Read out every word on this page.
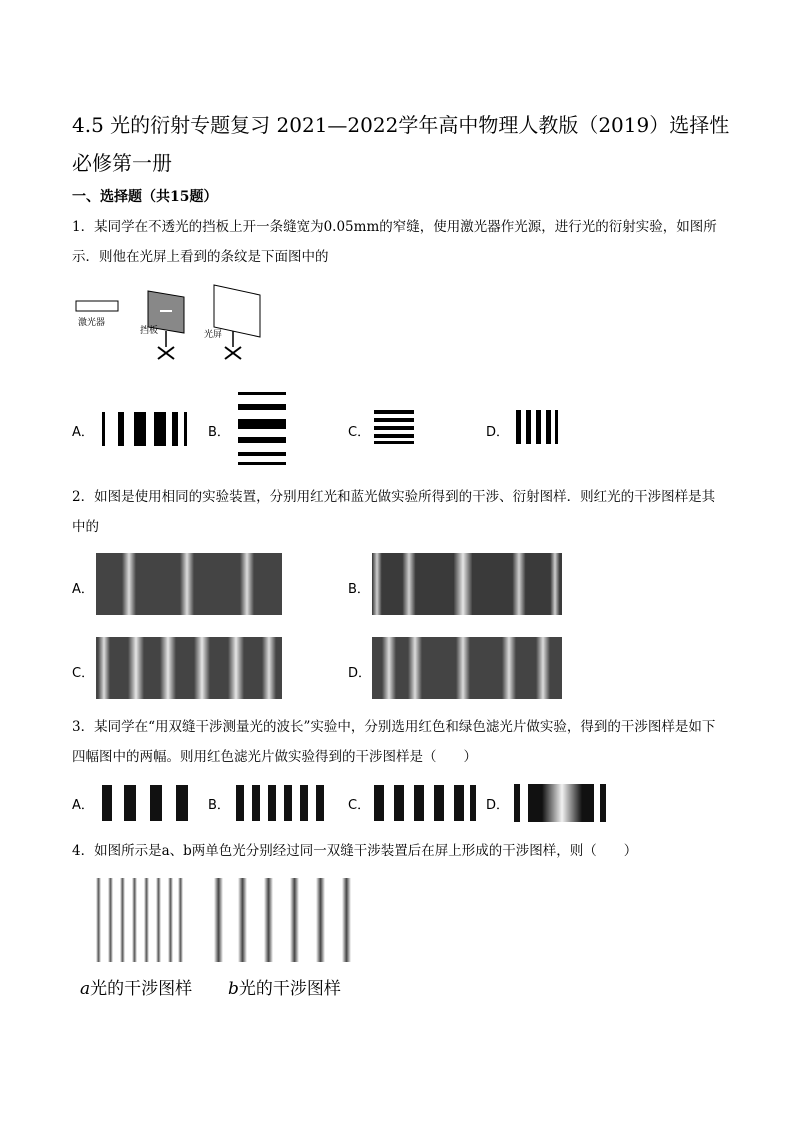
4.5 光的衍射专题复习 2021—2022学年高中物理人教版（2019）选择性必修第一册
一、选择题（共15题）
1．某同学在不透光的挡板上开一条缝宽为0.05mm的窄缝，使用激光器作光源，进行光的衍射实验，如图所示．则他在光屏上看到的条纹是下面图中的
激光器
挡板	光屏
A．	B．	C．	D．
2．如图是使用相同的实验装置，分别用红光和蓝光做实验所得到的干涉、衍射图样．则红光的干涉图样是其中的
A．	B．
C．	D．
3．某同学在“用双缝干涉测量光的波长”实验中，分别选用红色和绿色滤光片做实验，得到的干涉图样是如下四幅图中的两幅。则用红色滤光片做实验得到的干涉图样是（　　）
A．	B．	C．	D．
4．如图所示是a、b两单色光分别经过同一双缝干涉装置后在屏上形成的干涉图样，则（　　）
a光的干涉图样 b光的干涉图样
